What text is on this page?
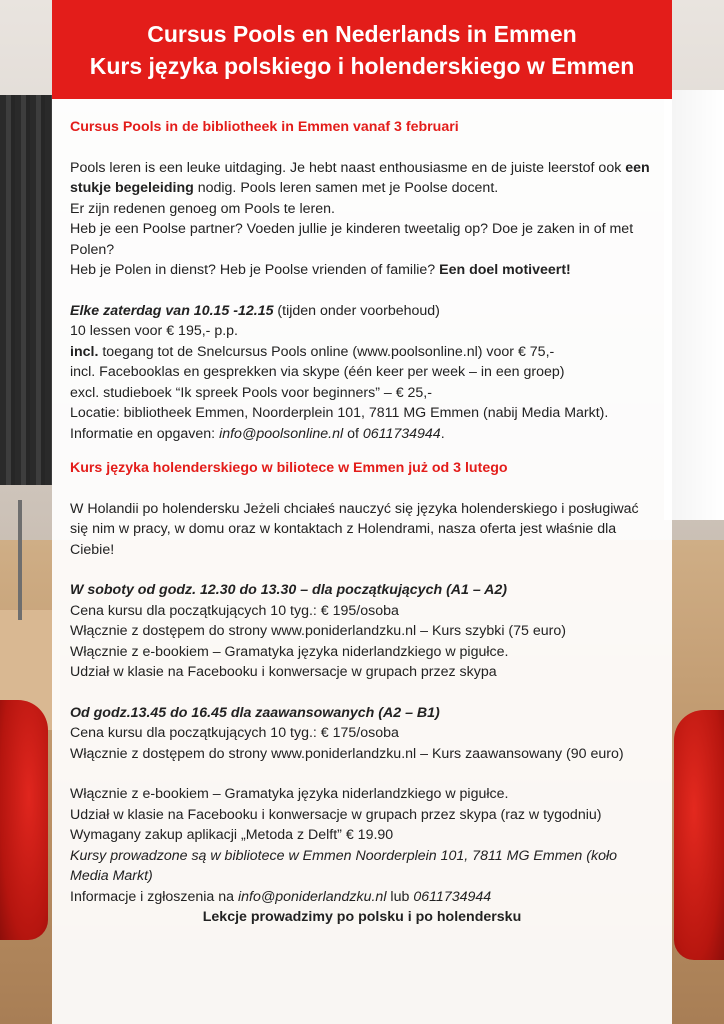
Cursus Pools en Nederlands in Emmen
Kurs języka polskiego i holenderskiego w Emmen

Cursus Pools in de bibliotheek in Emmen vanaf 3 februari

Pools leren is een leuke uitdaging. Je hebt naast enthousiasme en de juiste leerstof ook een stukje begeleiding nodig. Pools leren samen met je Poolse docent.

Er zijn redenen genoeg om Pools te leren.

Heb je een Poolse partner? Voeden jullie je kinderen tweetalig op? Doe je zaken in of met Polen?

Heb je Polen in dienst? Heb je Poolse vrienden of familie? Een doel motiveert!

Elke zaterdag van 10.15 -12.15 (tijden onder voorbehoud)

10 lessen voor € 195,- p.p.

incl. toegang tot de Snelcursus Pools online (www.poolsonline.nl) voor € 75,-

incl. Facebooklas en gesprekken via skype (één keer per week – in een groep)

excl. studieboek “Ik spreek Pools voor beginners” – € 25,-

Locatie: bibliotheek Emmen, Noorderplein 101, 7811 MG Emmen (nabij Media Markt).

Informatie en opgaven: info@poolsonline.nl of 0611734944.

Kurs języka holenderskiego w biliotece w Emmen już od 3 lutego

W Holandii po holendersku Jeżeli chciałeś nauczyć się języka holenderskiego i posługiwać się nim w pracy, w domu oraz w kontaktach z Holendrami, nasza oferta jest właśnie dla Ciebie!

W soboty od godz. 12.30 do 13.30 – dla początkujących (A1 – A2)

Cena kursu dla początkujących 10 tyg.: € 195/osoba

Włącznie z dostępem do strony www.poniderlandzku.nl – Kurs szybki (75 euro)

Włącznie z e-bookiem – Gramatyka języka niderlandzkiego w pigułce.

Udział w klasie na Facebooku i konwersacje w grupach przez skypa

Od godz.13.45 do 16.45 dla zaawansowanych (A2 – B1)

Cena kursu dla początkujących 10 tyg.: € 175/osoba

Włącznie z dostępem do strony www.poniderlandzku.nl – Kurs zaawansowany (90 euro)

Włącznie z e-bookiem – Gramatyka języka niderlandzkiego w pigułce.

Udział w klasie na Facebooku i konwersacje w grupach przez skypa (raz w tygodniu)

Wymagany zakup aplikacji „Metoda z Delft” € 19.90

Kursy prowadzone są w bibliotece w Emmen Noorderplein 101, 7811 MG Emmen (koło Media Markt)

Informacje i zgłoszenia na info@poniderlandzku.nl lub 0611734944

Lekcje prowadzimy po polsku i po holendersku
